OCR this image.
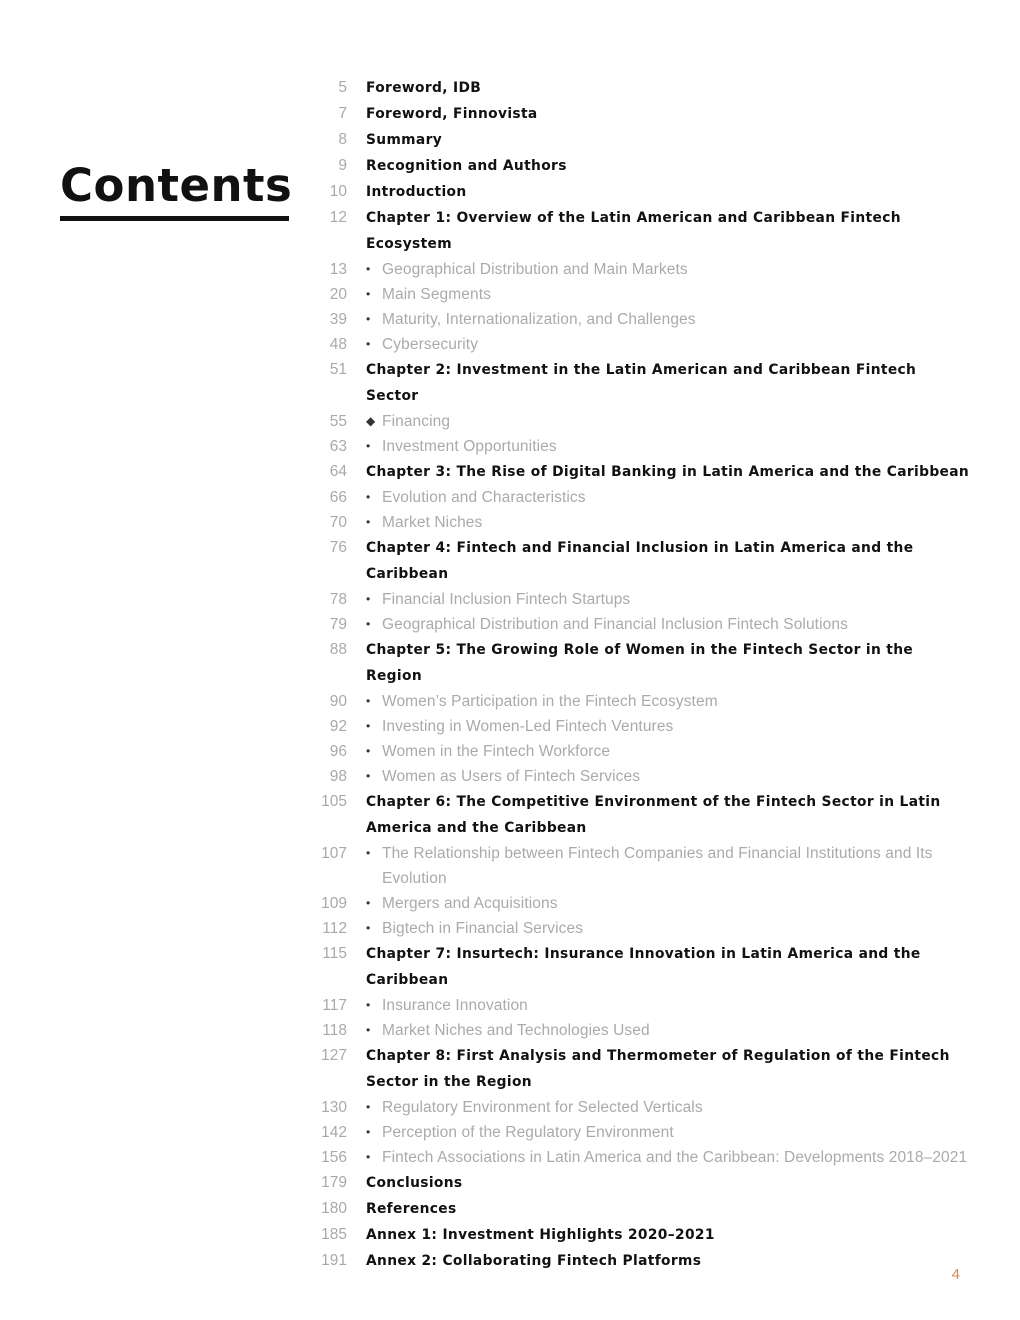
Contents
5 Foreword, IDB
7 Foreword, Finnovista
8 Summary
9 Recognition and Authors
10 Introduction
12 Chapter 1: Overview of the Latin American and Caribbean Fintech Ecosystem
13 • Geographical Distribution and Main Markets
20 • Main Segments
39 • Maturity, Internationalization, and Challenges
48 • Cybersecurity
51 Chapter 2: Investment in the Latin American and Caribbean Fintech Sector
55 ◆ Financing
63 • Investment Opportunities
64 Chapter 3: The Rise of Digital Banking in Latin America and the Caribbean
66 • Evolution and Characteristics
70 • Market Niches
76 Chapter 4: Fintech and Financial Inclusion in Latin America and the Caribbean
78 • Financial Inclusion Fintech Startups
79 • Geographical Distribution and Financial Inclusion Fintech Solutions
88 Chapter 5: The Growing Role of Women in the Fintech Sector in the Region
90 • Women’s Participation in the Fintech Ecosystem
92 • Investing in Women-Led Fintech Ventures
96 • Women in the Fintech Workforce
98 • Women as Users of Fintech Services
105 Chapter 6: The Competitive Environment of the Fintech Sector in Latin America and the Caribbean
107 • The Relationship between Fintech Companies and Financial Institutions and Its Evolution
109 • Mergers and Acquisitions
112 • Bigtech in Financial Services
115 Chapter 7: Insurtech: Insurance Innovation in Latin America and the Caribbean
117 • Insurance Innovation
118 • Market Niches and Technologies Used
127 Chapter 8: First Analysis and Thermometer of Regulation of the Fintech Sector in the Region
130 • Regulatory Environment for Selected Verticals
142 • Perception of the Regulatory Environment
156 • Fintech Associations in Latin America and the Caribbean: Developments 2018–2021
179 Conclusions
180 References
185 Annex 1: Investment Highlights 2020–2021
191 Annex 2: Collaborating Fintech Platforms
4
